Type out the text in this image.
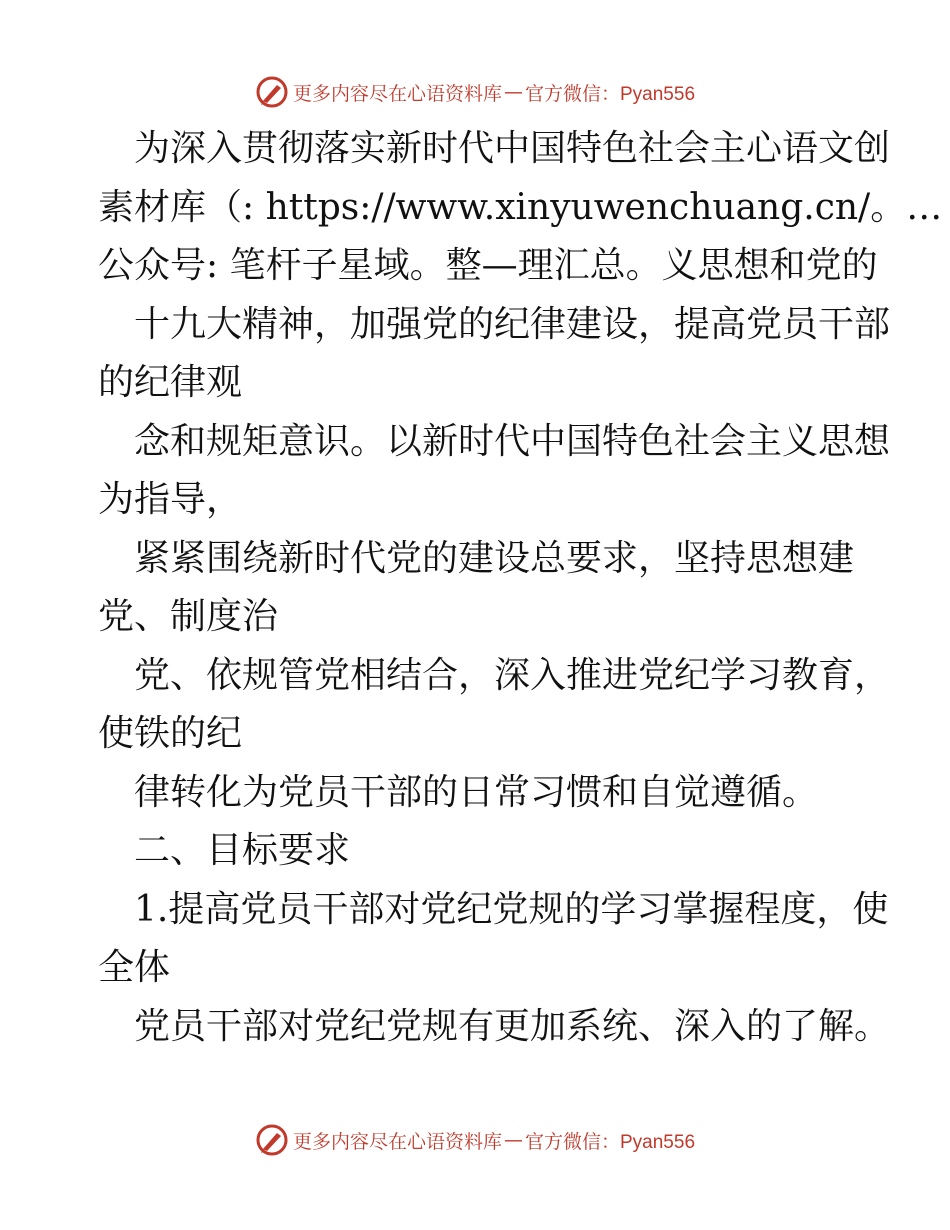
更多内容尽在心语资料库 — 官方微信：Pyan556
为深入贯彻落实新时代中国特色社会主心语文创
素材库（: https://www.xinyuwenchuang.cn/。…
公众号: 笔杆子星域。整—理汇总。义思想和党的
十九大精神，加强党的纪律建设，提高党员干部
的纪律观
念和规矩意识。以新时代中国特色社会主义思想
为指导，
紧紧围绕新时代党的建设总要求，坚持思想建
党、制度治
党、依规管党相结合，深入推进党纪学习教育，
使铁的纪
律转化为党员干部的日常习惯和自觉遵循。
二、目标要求
1.提高党员干部对党纪党规的学习掌握程度，使
全体
党员干部对党纪党规有更加系统、深入的了解。
更多内容尽在心语资料库 — 官方微信：Pyan556
